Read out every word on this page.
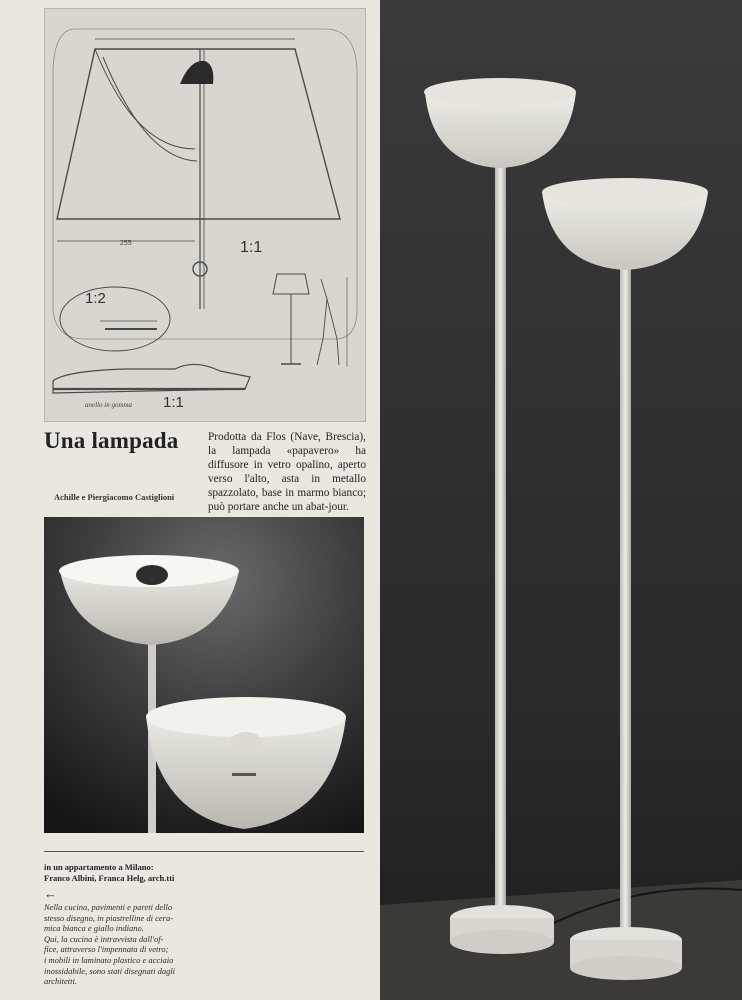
1:1
1:2
1:1
255
anello in gomma
Una lampada

Achille e Piergiacomo Castiglioni

Prodotta da Flos (Nave, Brescia), la lampada «papavero» ha diffusore in vetro opalino, aperto verso l'alto, asta in metallo spazzolato, base in marmo bianco; può portare anche un abat-jour.

in un appartamento a Milano:
Franco Albini, Franca Helg, arch.tti

←

Nella cucina, pavimenti e pareti dello
stesso disegno, in piastrelline di cera-
mica bianca e giallo indiano.
Qui, la cucina è intravvista dall'of-
fice, attraverso l'impennata di vetro;
i mobili in laminato plastico e acciaio
inossidabile, sono stati disegnati dagli
architetti.
